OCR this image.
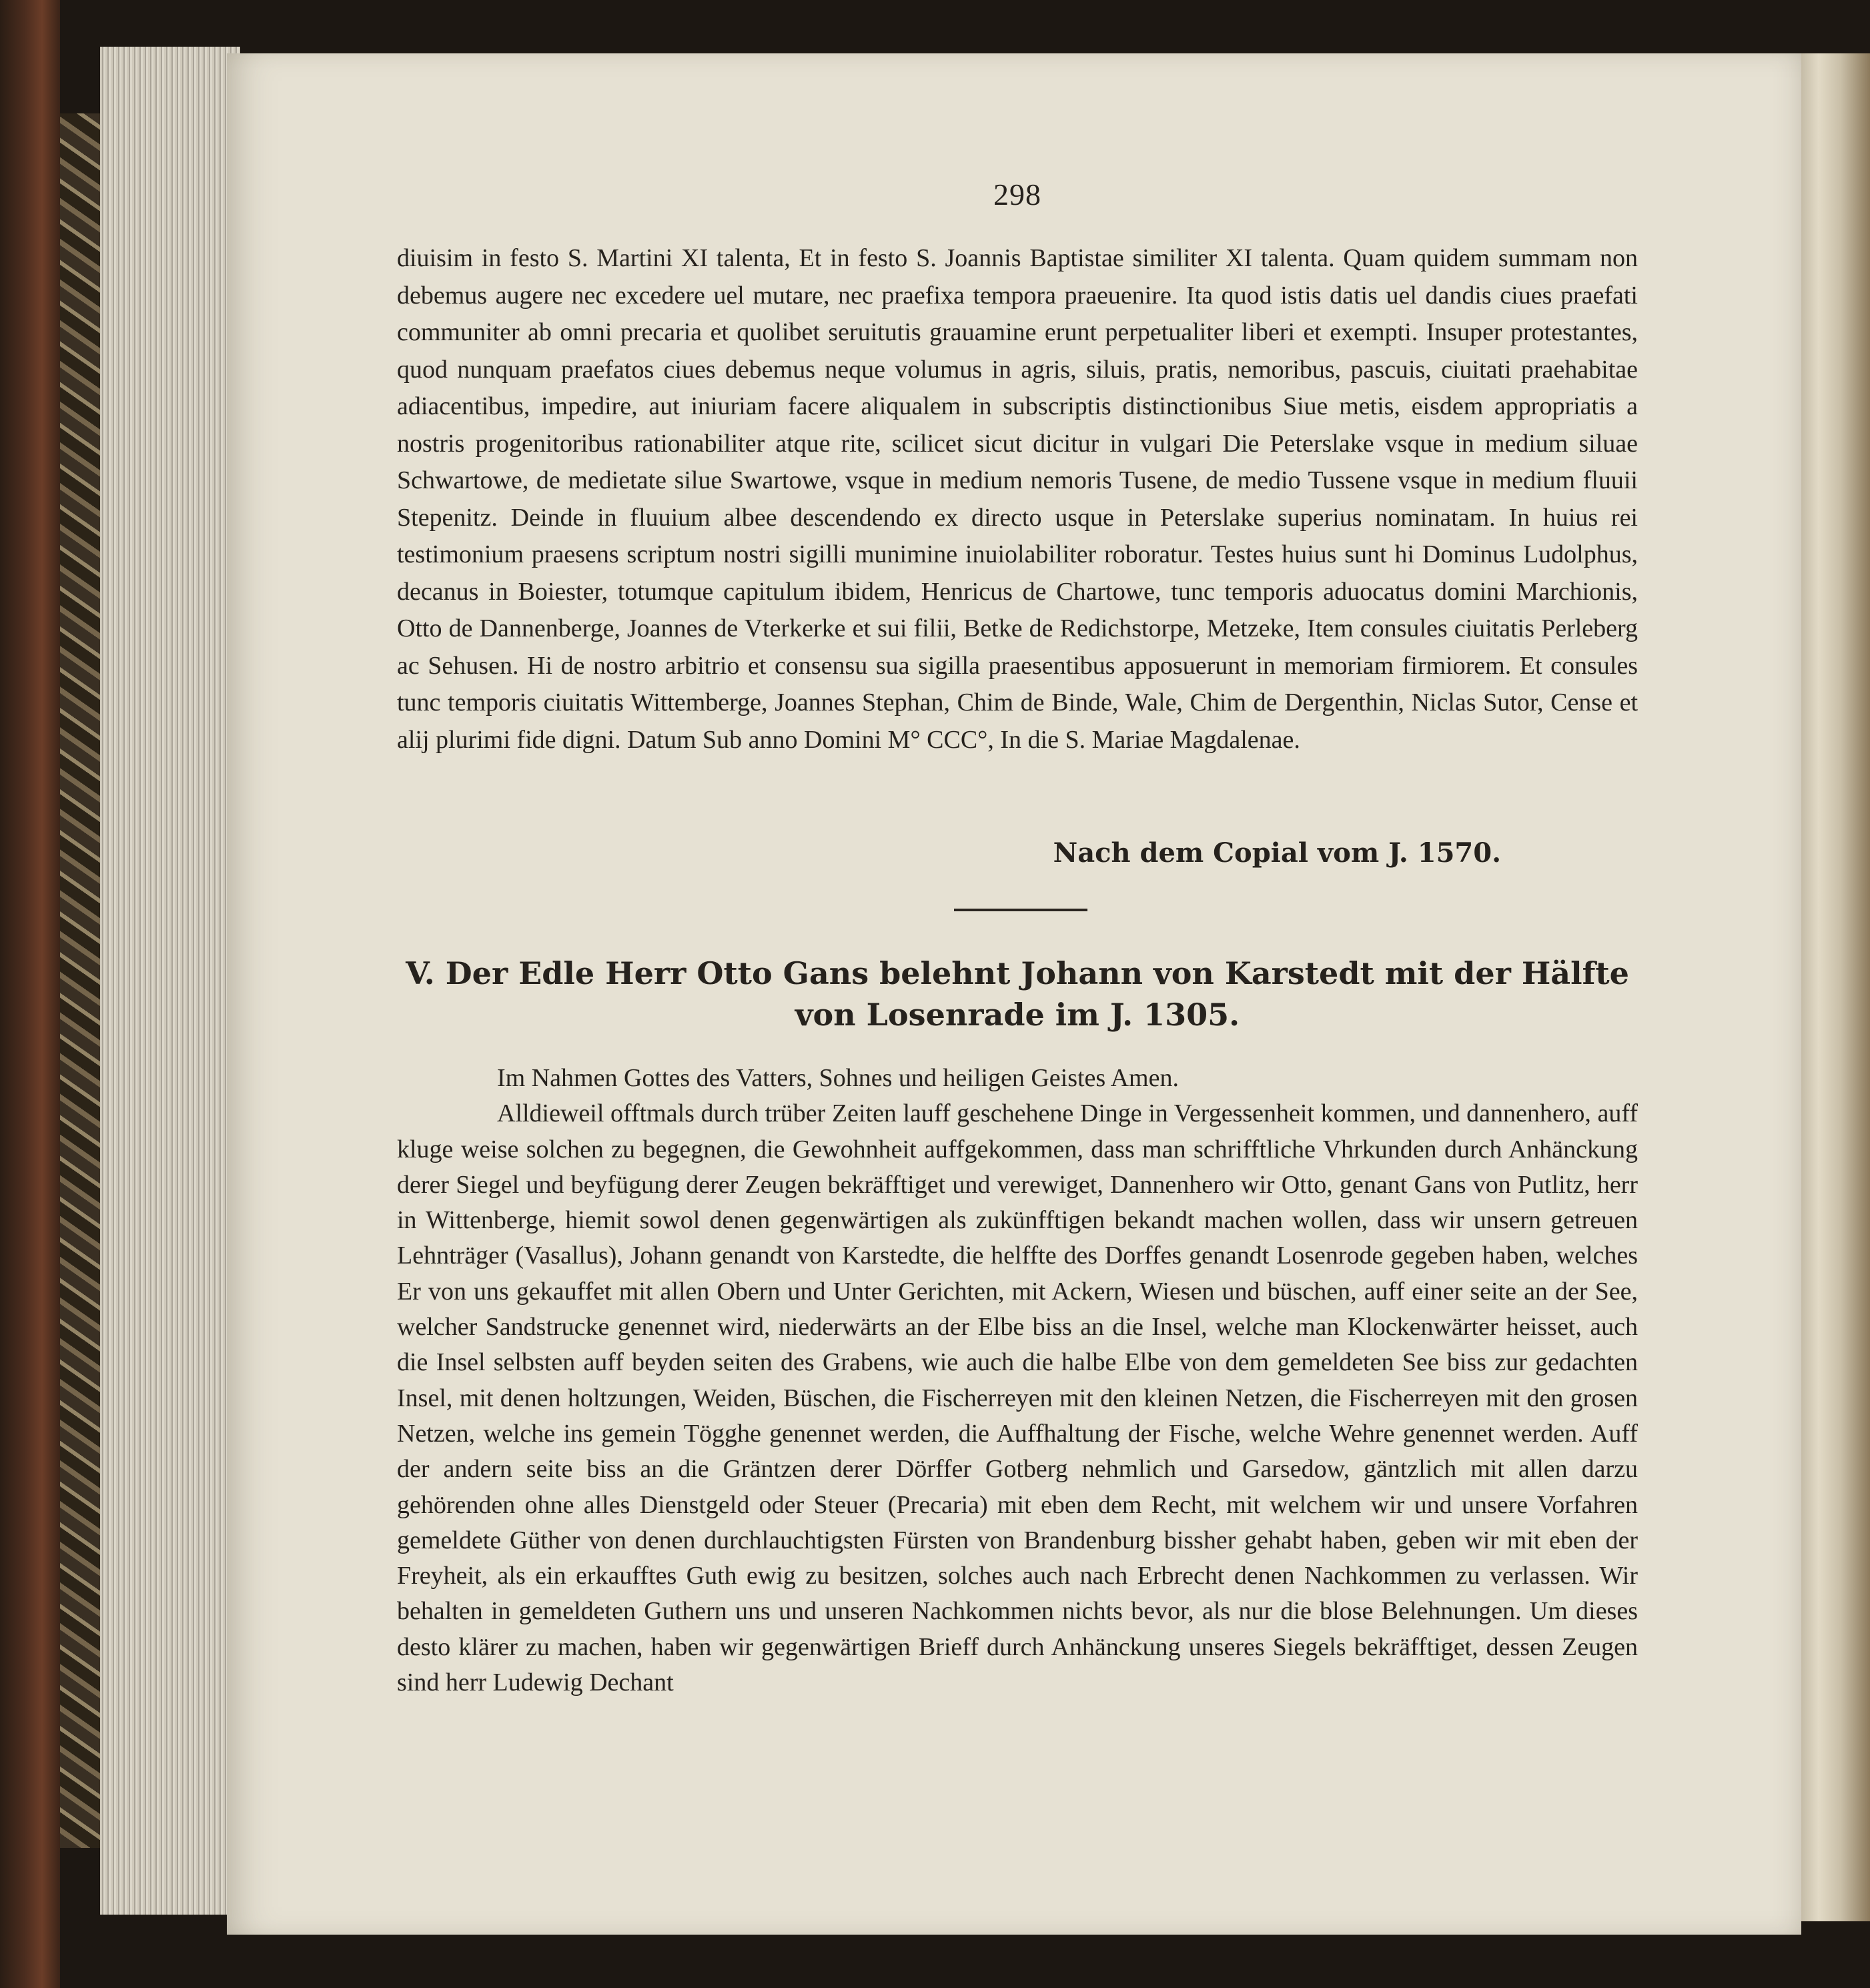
298

diuisim in festo S. Martini XI talenta, Et in festo S. Joannis Baptistae similiter XI talenta. Quam quidem summam non debemus augere nec excedere uel mutare, nec praefixa tempora praeuenire. Ita quod istis datis uel dandis ciues praefati communiter ab omni precaria et quolibet seruitutis grauamine erunt perpetualiter liberi et exempti. Insuper protestantes, quod nunquam praefatos ciues debemus neque volumus in agris, siluis, pratis, nemoribus, pascuis, ciuitati praehabitae adiacentibus, impedire, aut iniuriam facere aliqualem in subscriptis distinctionibus Siue metis, eisdem appropriatis a nostris progenitoribus rationabiliter atque rite, scilicet sicut dicitur in vulgari Die Peterslake vsque in medium siluae Schwartowe, de medietate silue Swartowe, vsque in medium nemoris Tusene, de medio Tussene vsque in medium fluuii Stepenitz. Deinde in fluuium albee descendendo ex directo usque in Peterslake superius nominatam. In huius rei testimonium praesens scriptum nostri sigilli munimine inuiolabiliter roboratur. Testes huius sunt hi Dominus Ludolphus, decanus in Boiester, totumque capitulum ibidem, Henricus de Chartowe, tunc temporis aduocatus domini Marchionis, Otto de Dannenberge, Joannes de Vterkerke et sui filii, Betke de Redichstorpe, Metzeke, Item consules ciuitatis Perleberg ac Sehusen. Hi de nostro arbitrio et consensu sua sigilla praesentibus apposuerunt in memoriam firmiorem. Et consules tunc temporis ciuitatis Wittemberge, Joannes Stephan, Chim de Binde, Wale, Chim de Dergenthin, Niclas Sutor, Cense et alij plurimi fide digni. Datum Sub anno Domini M° CCC°, In die S. Mariae Magdalenae.

Nach dem Copial vom J. 1570.
V. Der Edle Herr Otto Gans belehnt Johann von Karstedt mit der Hälfte von Losenrade im J. 1305.

Im Nahmen Gottes des Vatters, Sohnes und heiligen Geistes Amen.

Alldieweil offtmals durch trüber Zeiten lauff geschehene Dinge in Vergessenheit kommen, und dannenhero, auff kluge weise solchen zu begegnen, die Gewohnheit auffgekommen, dass man schrifftliche Vhrkunden durch Anhänckung derer Siegel und beyfügung derer Zeugen bekräfftiget und verewiget, Dannenhero wir Otto, genant Gans von Putlitz, herr in Wittenberge, hiemit sowol denen gegenwärtigen als zukünfftigen bekandt machen wollen, dass wir unsern getreuen Lehnträger (Vasallus), Johann genandt von Karstedte, die helffte des Dorffes genandt Losenrode gegeben haben, welches Er von uns gekauffet mit allen Obern und Unter Gerichten, mit Ackern, Wiesen und büschen, auff einer seite an der See, welcher Sandstrucke genennet wird, niederwärts an der Elbe biss an die Insel, welche man Klockenwärter heisset, auch die Insel selbsten auff beyden seiten des Grabens, wie auch die halbe Elbe von dem gemeldeten See biss zur gedachten Insel, mit denen holtzungen, Weiden, Büschen, die Fischerreyen mit den kleinen Netzen, die Fischerreyen mit den grosen Netzen, welche ins gemein Tögghe genennet werden, die Auffhaltung der Fische, welche Wehre genennet werden. Auff der andern seite biss an die Gräntzen derer Dörffer Gotberg nehmlich und Garsedow, gäntzlich mit allen darzu gehörenden ohne alles Dienstgeld oder Steuer (Precaria) mit eben dem Recht, mit welchem wir und unsere Vorfahren gemeldete Güther von denen durchlauchtigsten Fürsten von Brandenburg bissher gehabt haben, geben wir mit eben der Freyheit, als ein erkaufftes Guth ewig zu besitzen, solches auch nach Erbrecht denen Nachkommen zu verlassen. Wir behalten in gemeldeten Guthern uns und unseren Nachkommen nichts bevor, als nur die blose Belehnungen. Um dieses desto klärer zu machen, haben wir gegenwärtigen Brieff durch Anhänckung unseres Siegels bekräfftiget, dessen Zeugen sind herr Ludewig Dechant
